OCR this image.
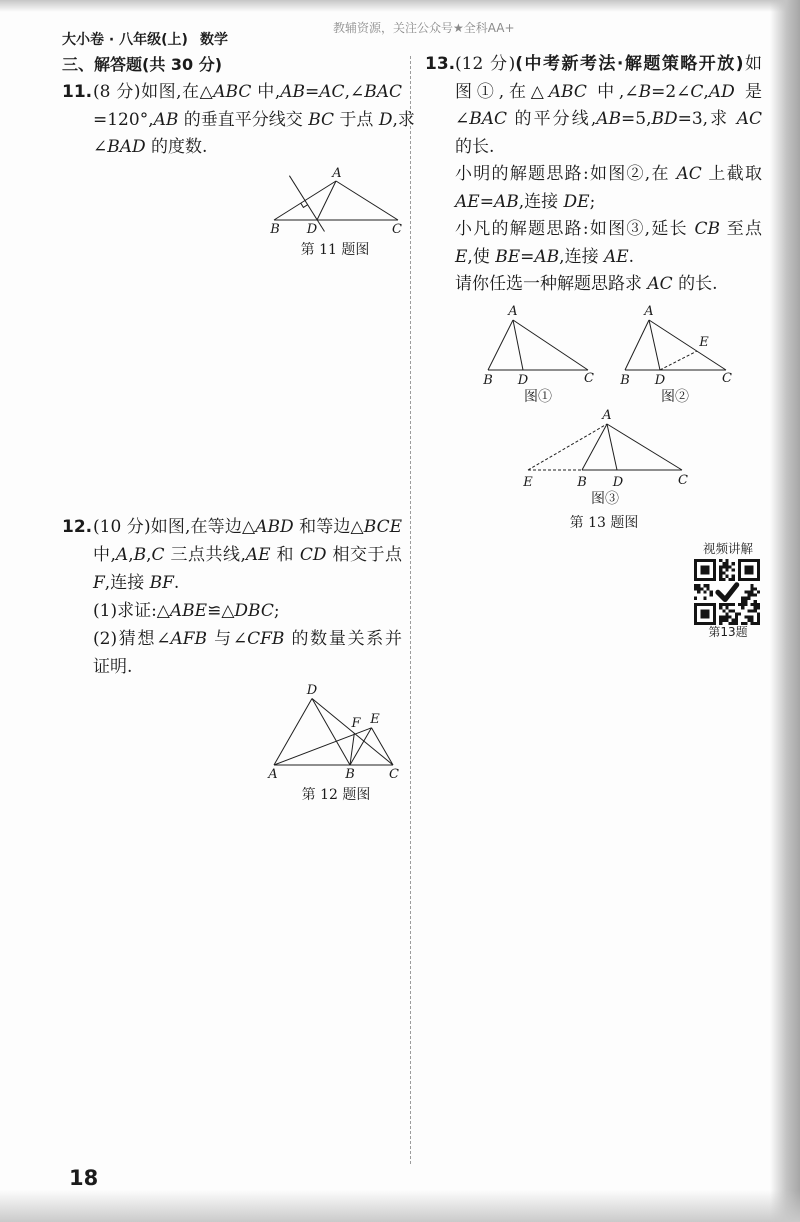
教辅资源，关注公众号★全科AA+
大小卷 · 八年级(上) 数学
三、解答题(共 30 分)
11. (8 分)如图,在△ABC 中,AB=AC,∠BAC
=120°,AB 的垂直平分线交 BC 于点 D,求
∠BAD 的度数.
A
B D	C
第 11 题图
12. (10 分)如图,在等边△ABD 和等边△BCE
中,A,B,C 三点共线,AE 和 CD 相交于点
F,连接 BF.
(1)求证:△ABE≌△DBC;
(2)猜想∠AFB 与∠CFB 的数量关系并
证明.
D
F E
A	B	C
第 12 题图
13. (12 分)(中考新考法·解题策略开放)如
图①,在△ABC 中,∠B=2∠C,AD 是
∠BAC 的平分线,AB=5,BD=3,求 AC
的长.
小明的解题思路:如图②,在 AC 上截取
AE=AB,连接 DE;
小凡的解题思路:如图③,延长 CB 至点
E,使 BE=AB,连接 AE.
请你任选一种解题思路求 AC 的长.
A
B D	C
A
E
B D	C
A
E	B D	C
图①	图②
图③
第 13 题图
视频讲解
第13题
18
